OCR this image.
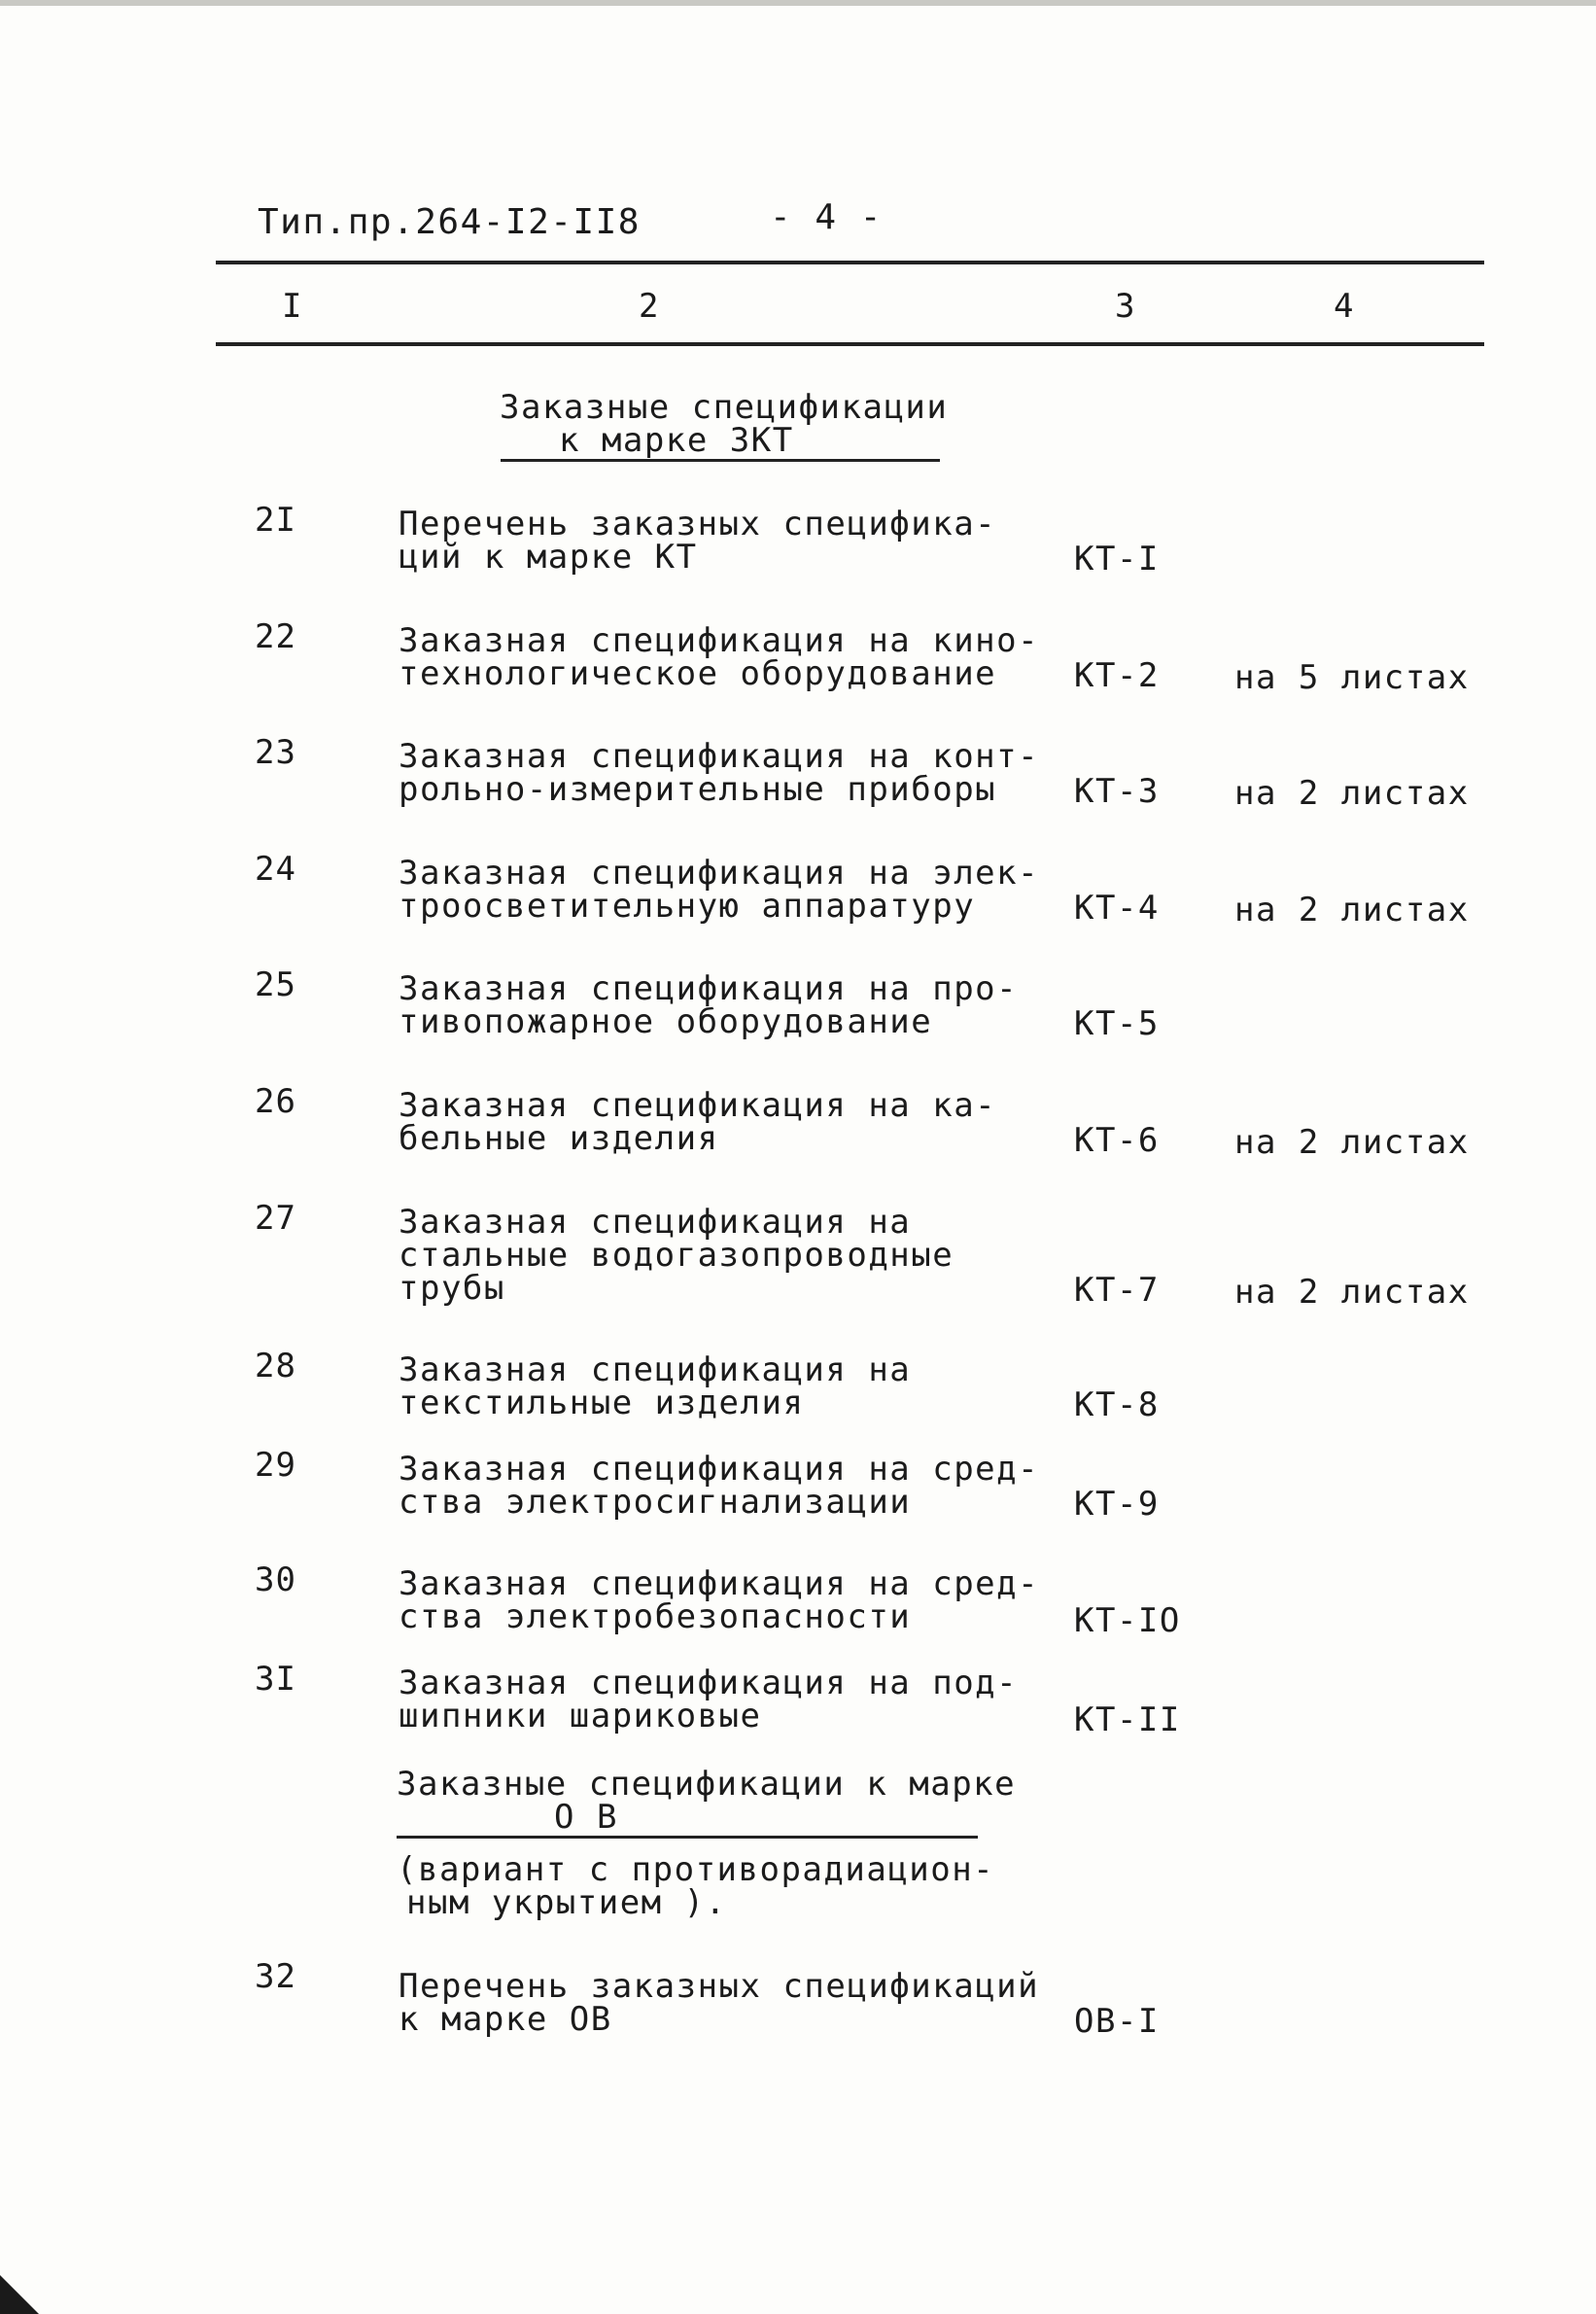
Тип.пр.264-I2-II8	- 4 -
I	2	3	4
Заказные спецификации
к марке ЗКТ
2I	Перечень заказных спецификa-
ций к марке КТ	КТ-I
22	Заказная спецификация на кино-
технологическое оборудование КТ-2 на 5 листах
23	Заказная спецификация на конт-
рольно-измерительные приборы КТ-3 на 2 листах
24	Заказная спецификация на элек-
троосветительную аппаратуру	КТ-4 на 2 листах
25	Заказная спецификация на про-
тивопожарное оборудование	КТ-5
26	Заказная спецификация на ка-
бельные изделия	КТ-6 на 2 листах
27	Заказная спецификация на
стальные водогазопроводные
трубы	КТ-7 на 2 листах
28	Заказная спецификация на
текстильные изделия	КТ-8
29	Заказная спецификация на сред-
ства электросигнализации	КТ-9
30	Заказная спецификация на сред-
ства электробезопасности	КТ-IO
3I	Заказная спецификация на под-
шипники шариковые	КТ-II
Заказные спецификации к марке
О В
(вариант с противорадиацион-
ным укрытием ).
32	Перечень заказных спецификаций
к марке ОВ	ОВ-I
